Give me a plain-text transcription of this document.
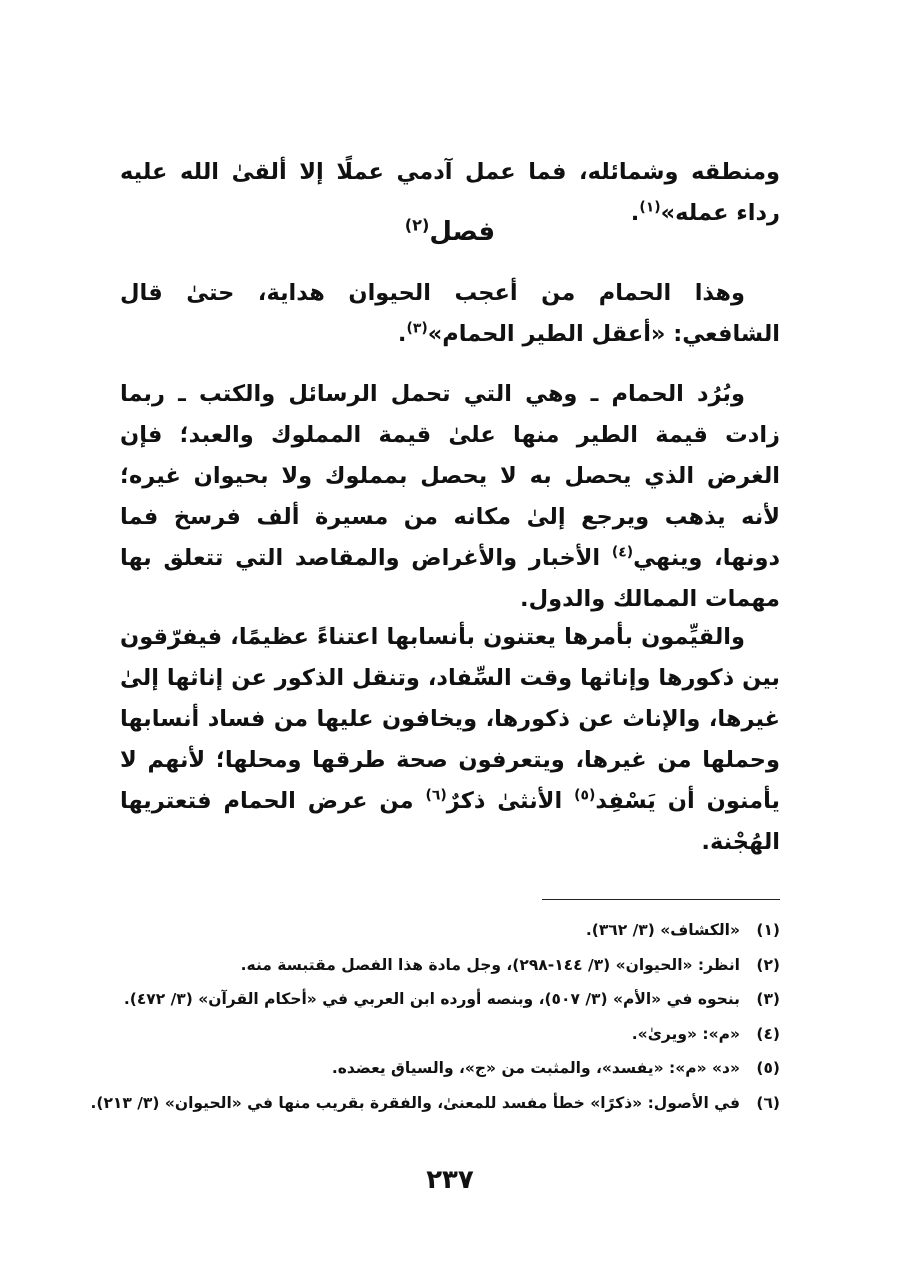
ومنطقه وشمائله، فما عمل آدمي عملًا إلا ألقىٰ الله عليه رداء عمله»$^{(١)}$.
فصل$^{(٢)}$
وهذا الحمام من أعجب الحيوان هداية، حتىٰ قال الشافعي: «أعقل الطير الحمام»$^{(٣)}$.
وبُرُد الحمام ـ وهي التي تحمل الرسائل والكتب ـ ربما زادت قيمة الطير منها علىٰ قيمة المملوك والعبد؛ فإن الغرض الذي يحصل به لا يحصل بمملوك ولا بحيوان غيره؛ لأنه يذهب ويرجع إلىٰ مكانه من مسيرة ألف فرسخ فما دونها، وينهي$^{(٤)}$ الأخبار والأغراض والمقاصد التي تتعلق بها مهمات الممالك والدول.
والقيِّمون بأمرها يعتنون بأنسابها اعتناءً عظيمًا، فيفرّقون بين ذكورها وإناثها وقت السِّفاد، وتنقل الذكور عن إناثها إلىٰ غيرها، والإناث عن ذكورها، ويخافون عليها من فساد أنسابها وحملها من غيرها، ويتعرفون صحة طرقها ومحلها؛ لأنهم لا يأمنون أن يَسْفِد$^{(٥)}$ الأنثىٰ ذكرٌ$^{(٦)}$ من عرض الحمام فتعتريها الهُجْنة.
(١)
«الكشاف» (٣/ ٣٦٢).
(٢)
انظر: «الحيوان» (٣/ ١٤٤-٢٩٨)، وجل مادة هذا الفصل مقتبسة منه.
(٣)
بنحوه في «الأم» (٣/ ٥٠٧)، وبنصه أورده ابن العربي في «أحكام القرآن» (٣/ ٤٧٢).
(٤)
«م»: «ويرىٰ».
(٥)
«د» «م»: «يفسد»، والمثبت من «ج»، والسياق يعضده.
(٦)
في الأصول: «ذكرًا» خطأ مفسد للمعنىٰ، والفقرة بقريب منها في «الحيوان» (٣/ ٢١٣).
٢٣٧
